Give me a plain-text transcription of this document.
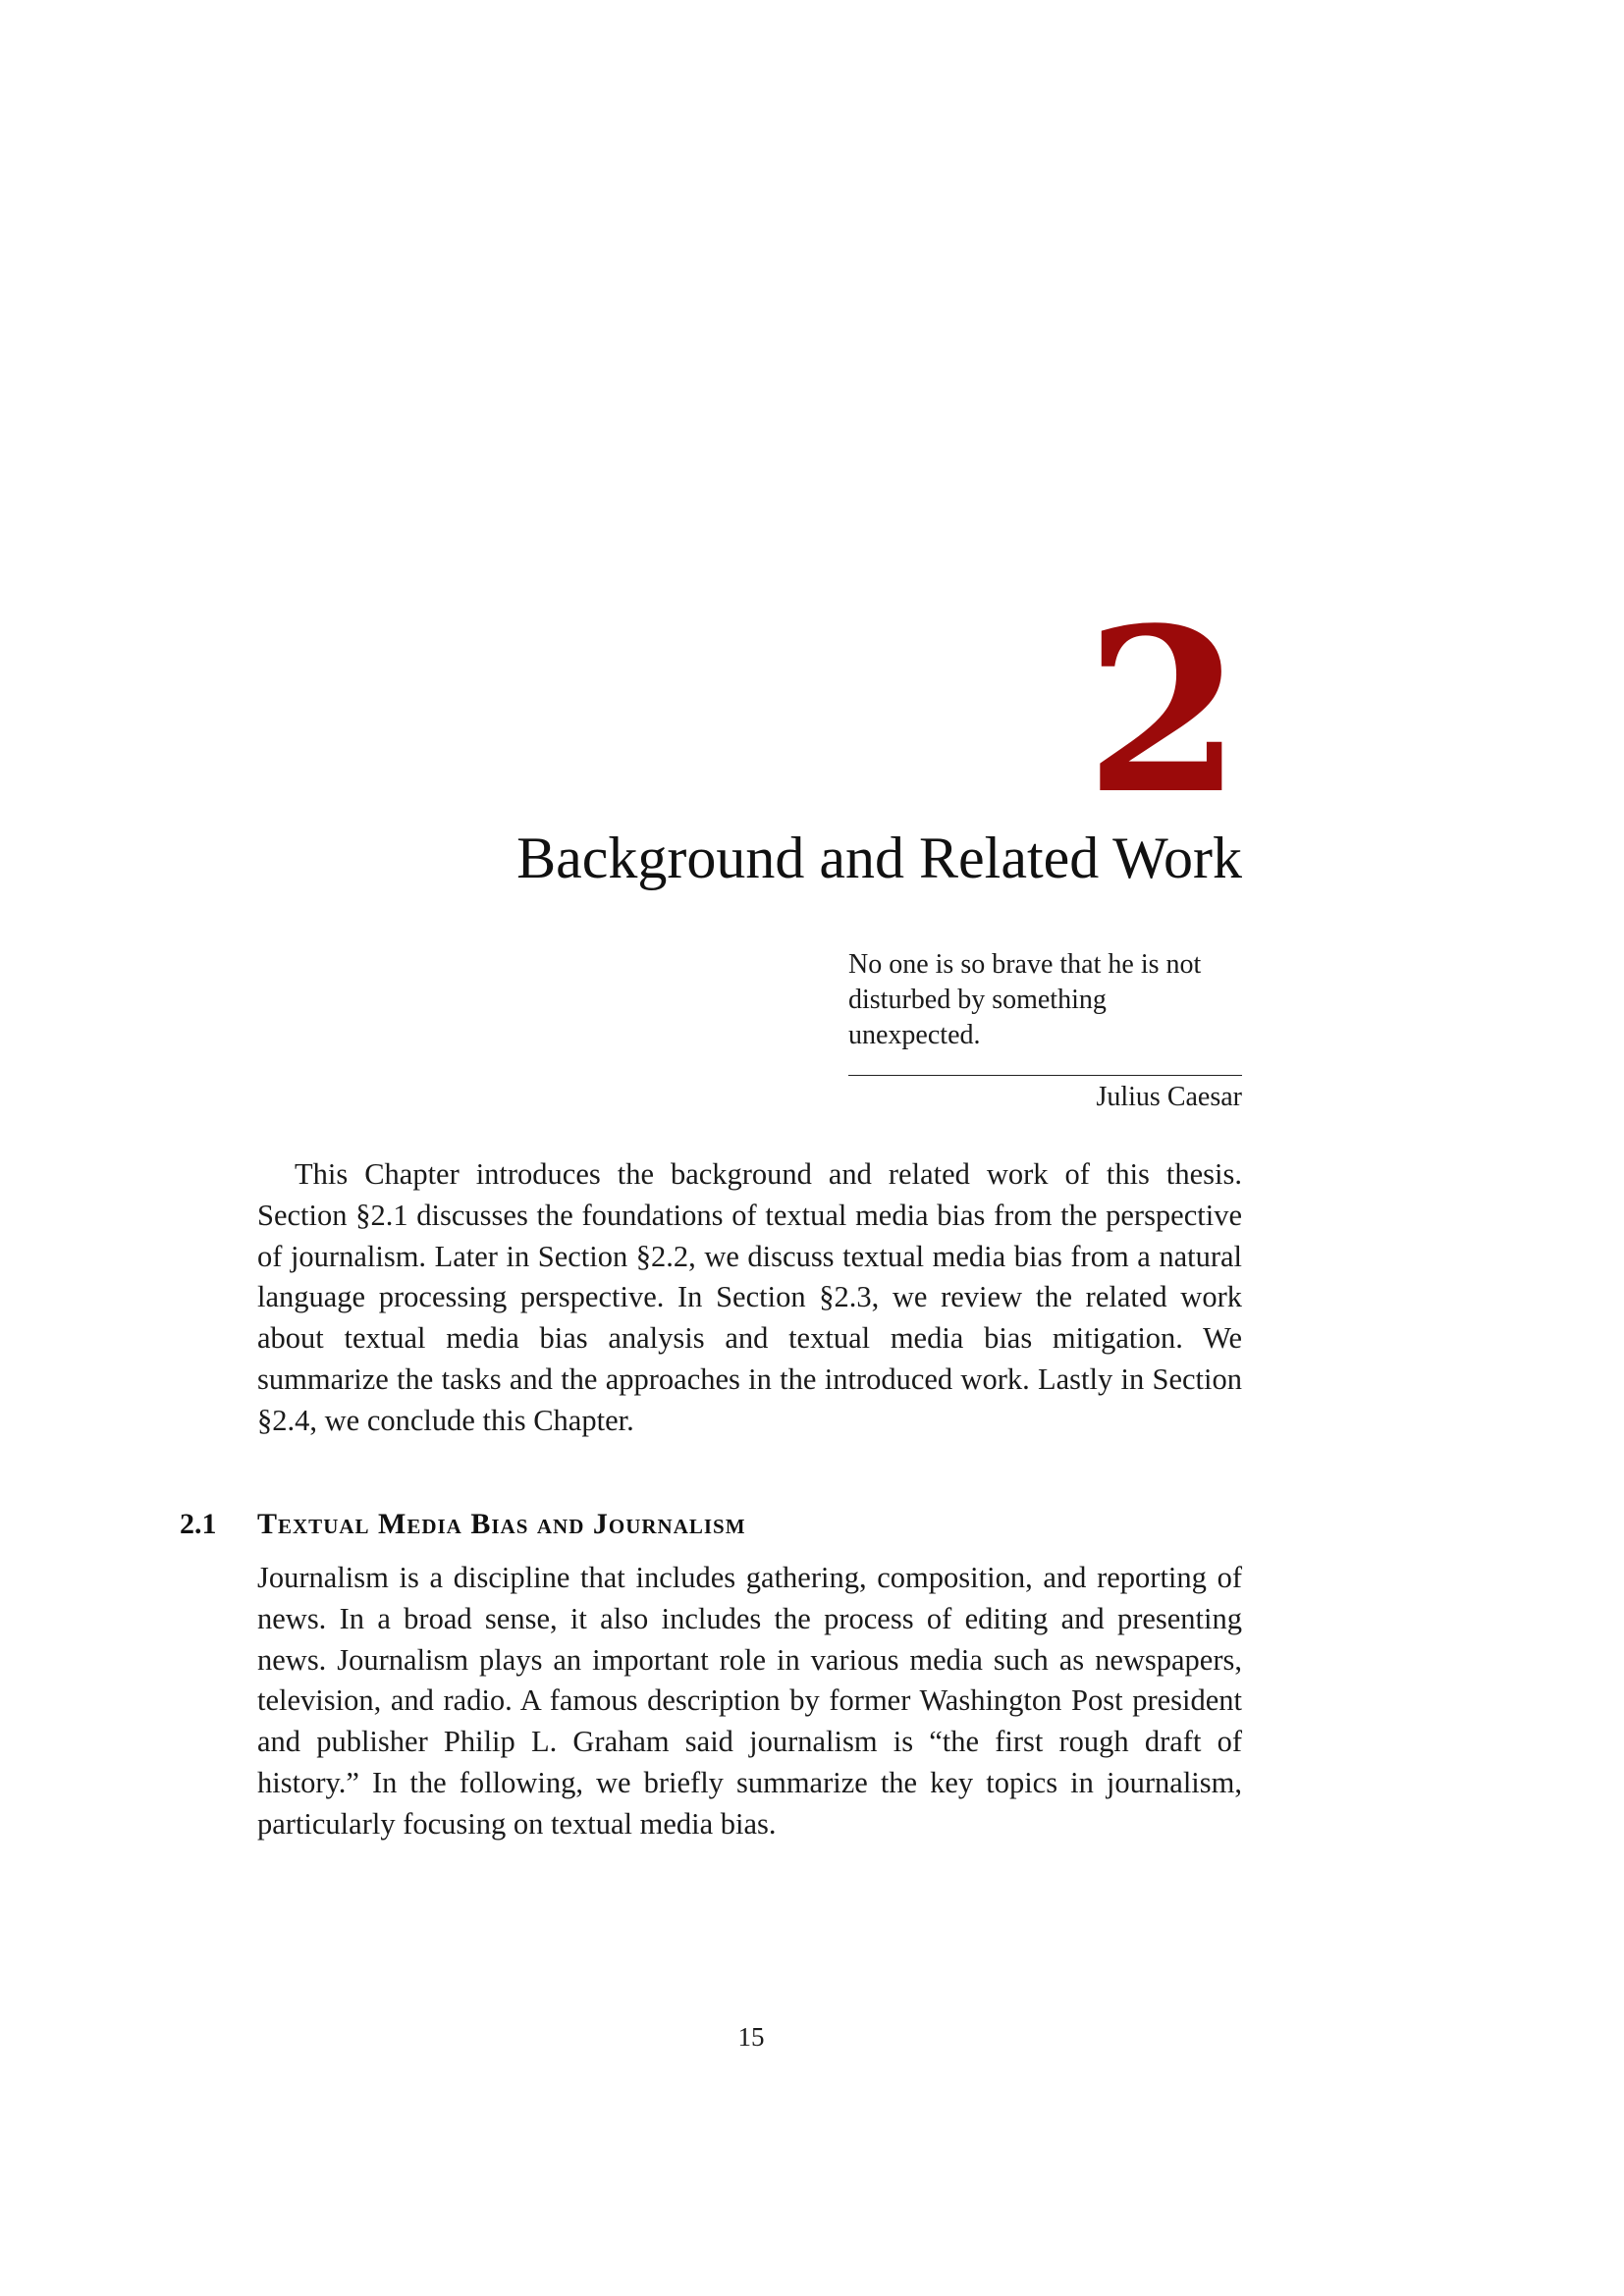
2
Background and Related Work

No one is so brave that he is not disturbed by something unexpected.

Julius Caesar

This Chapter introduces the background and related work of this thesis. Section §2.1 discusses the foundations of textual media bias from the perspective of journalism. Later in Section §2.2, we discuss textual media bias from a natural language processing perspective. In Section §2.3, we review the related work about textual media bias analysis and textual media bias mitigation. We summarize the tasks and the approaches in the introduced work. Lastly in Section §2.4, we conclude this Chapter.

2.1 Textual Media Bias and Journalism

Journalism is a discipline that includes gathering, composition, and reporting of news. In a broad sense, it also includes the process of editing and presenting news. Journalism plays an important role in various media such as newspapers, television, and radio. A famous description by former Washington Post president and publisher Philip L. Graham said journalism is “the first rough draft of history.” In the following, we briefly summarize the key topics in journalism, particularly focusing on textual media bias.

15
